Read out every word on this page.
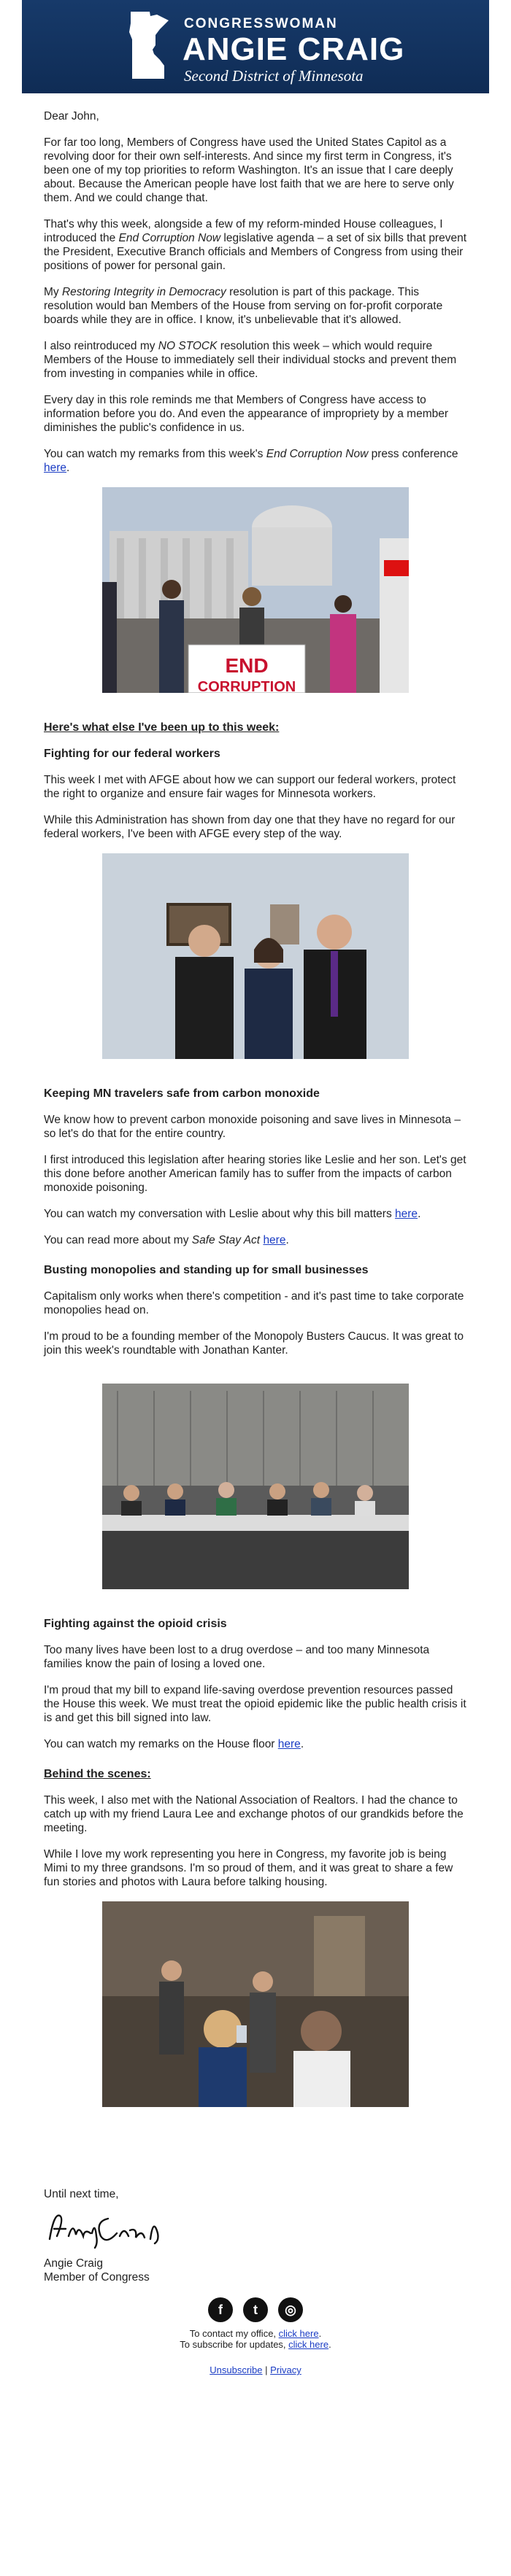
CONGRESSWOMAN
ANGIE CRAIG
Second District of Minnesota

Dear John,

For far too long, Members of Congress have used the United States Capitol as a revolving door for their own self-interests. And since my first term in Congress, it's been one of my top priorities to reform Washington. It's an issue that I care deeply about. Because the American people have lost faith that we are here to serve only them. And we could change that.

That's why this week, alongside a few of my reform-minded House colleagues, I introduced the End Corruption Now legislative agenda – a set of six bills that prevent the President, Executive Branch officials and Members of Congress from using their positions of power for personal gain.

My Restoring Integrity in Democracy resolution is part of this package. This resolution would ban Members of the House from serving on for-profit corporate boards while they are in office. I know, it's unbelievable that it's allowed.

I also reintroduced my NO STOCK resolution this week – which would require Members of the House to immediately sell their individual stocks and prevent them from investing in companies while in office.

Every day in this role reminds me that Members of Congress have access to information before you do. And even the appearance of impropriety by a member diminishes the public's confidence in us.

You can watch my remarks from this week's End Corruption Now press conference here.

END
CORRUPTION
Here's what else I've been up to this week:
Fighting for our federal workers

This week I met with AFGE about how we can support our federal workers, protect the right to organize and ensure fair wages for Minnesota workers.

While this Administration has shown from day one that they have no regard for our federal workers, I've been with AFGE every step of the way.

Keeping MN travelers safe from carbon monoxide

We know how to prevent carbon monoxide poisoning and save lives in Minnesota – so let's do that for the entire country.

I first introduced this legislation after hearing stories like Leslie and her son. Let's get this done before another American family has to suffer from the impacts of carbon monoxide poisoning.

You can watch my conversation with Leslie about why this bill matters here.

You can read more about my Safe Stay Act here.

Busting monopolies and standing up for small businesses

Capitalism only works when there's competition - and it's past time to take corporate monopolies head on.

I'm proud to be a founding member of the Monopoly Busters Caucus. It was great to join this week's roundtable with Jonathan Kanter.

Fighting against the opioid crisis

Too many lives have been lost to a drug overdose – and too many Minnesota families know the pain of losing a loved one.

I'm proud that my bill to expand life-saving overdose prevention resources passed the House this week. We must treat the opioid epidemic like the public health crisis it is and get this bill signed into law.

You can watch my remarks on the House floor here.

Behind the scenes:

This week, I also met with the National Association of Realtors. I had the chance to catch up with my friend Laura Lee and exchange photos of our grandkids before the meeting.

While I love my work representing you here in Congress, my favorite job is being Mimi to my three grandsons. I'm so proud of them, and it was great to share a few fun stories and photos with Laura before talking housing.

Until next time,

Angie Craig

Member of Congress

f	t	◎
To contact my office, click here.
To subscribe for updates, click here.
Unsubscribe | Privacy
